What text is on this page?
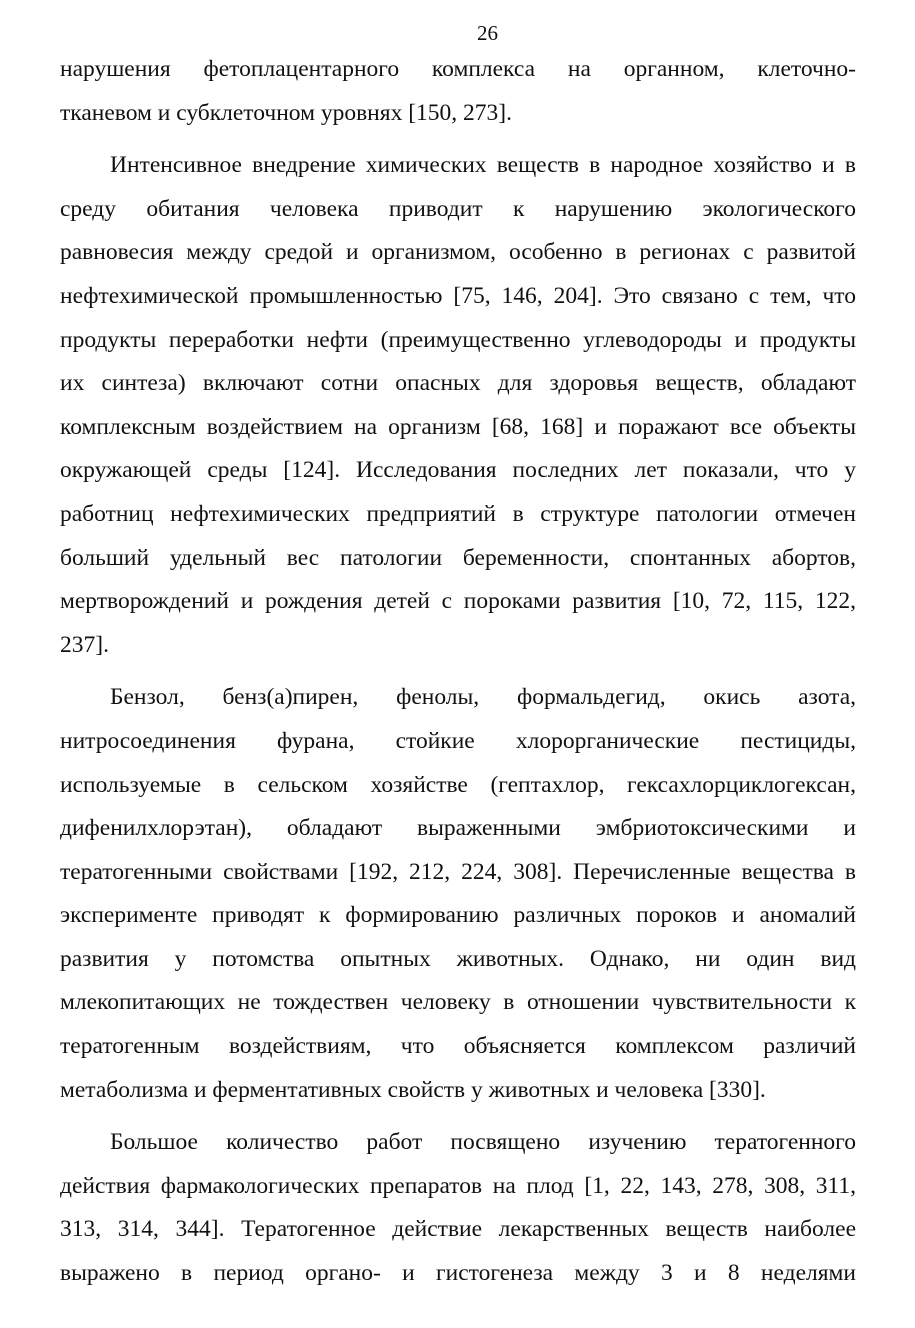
26

нарушения фетоплацентарного комплекса на органном, клеточно-
тканевом и субклеточном уровнях [150, 273].

Интенсивное внедрение химических веществ в народное хозяйство и в
среду обитания человека приводит к нарушению экологического
равновесия между средой и организмом, особенно в регионах с развитой
нефтехимической промышленностью [75, 146, 204]. Это связано с тем, что
продукты переработки нефти (преимущественно углеводороды и продукты
их синтеза) включают сотни опасных для здоровья веществ, обладают
комплексным воздействием на организм [68, 168] и поражают все объекты
окружающей среды [124]. Исследования последних лет показали, что у
работниц нефтехимических предприятий в структуре патологии отмечен
больший удельный вес патологии беременности, спонтанных абортов,
мертворождений и рождения детей с пороками развития [10, 72, 115, 122,
237].

Бензол, бенз(а)пирен, фенолы, формальдегид, окись азота,
нитросоединения фурана, стойкие хлорорганические пестициды,
используемые в сельском хозяйстве (гептахлор, гексахлорциклогексан,
дифенилхлорэтан), обладают выраженными эмбриотоксическими и
тератогенными свойствами [192, 212, 224, 308]. Перечисленные вещества в
эксперименте приводят к формированию различных пороков и аномалий
развития у потомства опытных животных. Однако, ни один вид
млекопитающих не тождествен человеку в отношении чувствительности к
тератогенным воздействиям, что объясняется комплексом различий
метаболизма и ферментативных свойств у животных и человека [330].

Большое количество работ посвящено изучению тератогенного
действия фармакологических препаратов на плод [1, 22, 143, 278, 308, 311,
313, 314, 344]. Тератогенное действие лекарственных веществ наиболее
выражено в период органо- и гистогенеза между 3 и 8 неделями
